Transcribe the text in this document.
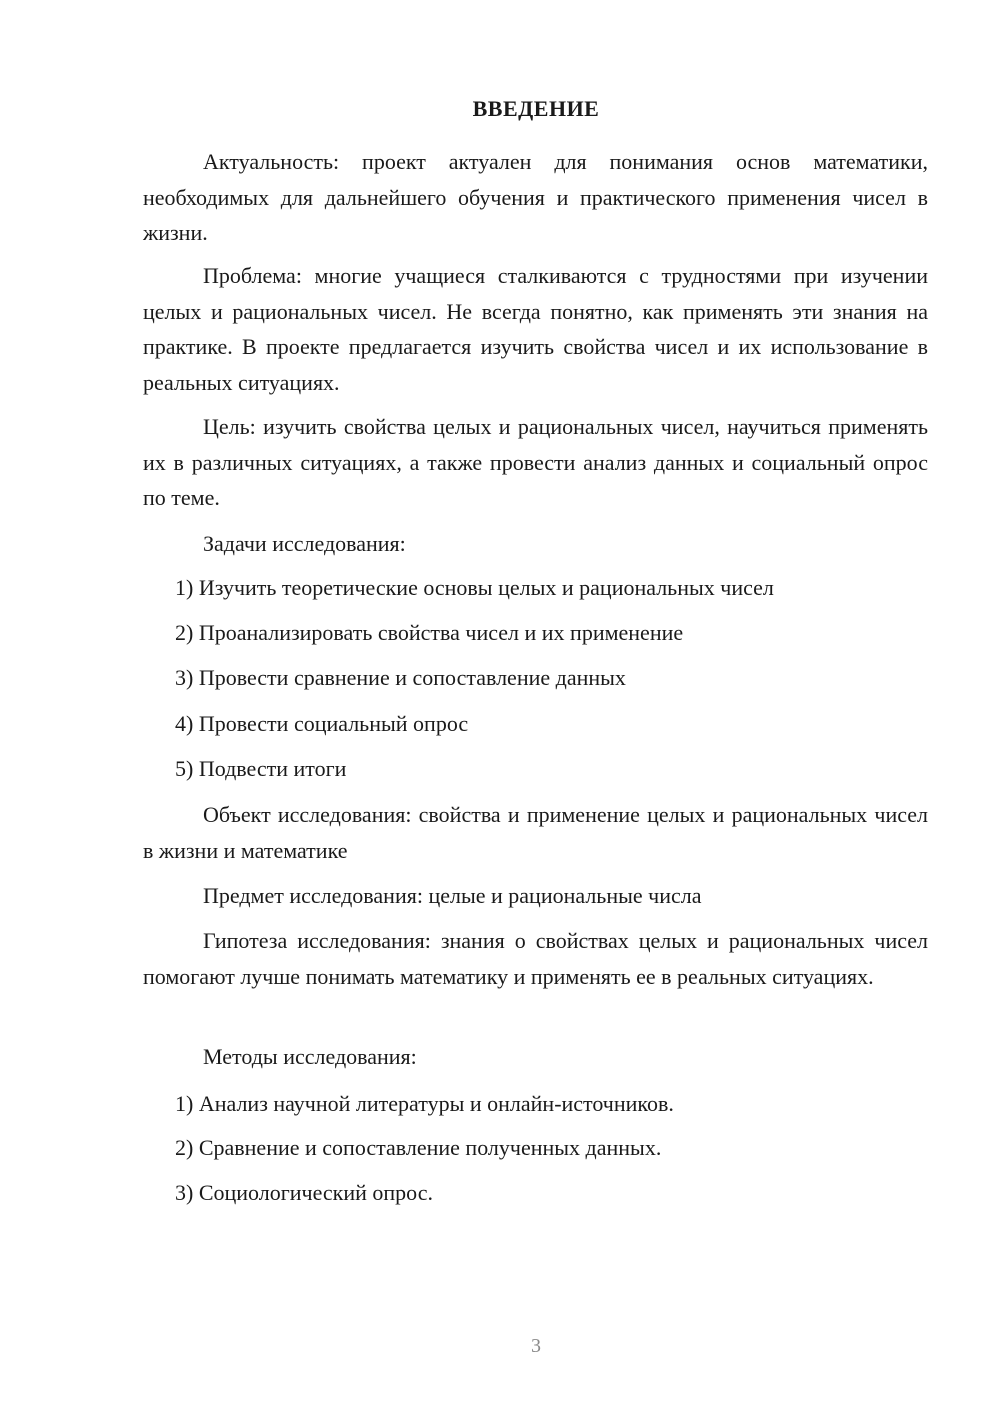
ВВЕДЕНИЕ

Актуальность: проект актуален для понимания основ математики, необходимых для дальнейшего обучения и практического применения чисел в жизни.

Проблема: многие учащиеся сталкиваются с трудностями при изучении целых и рациональных чисел. Не всегда понятно, как применять эти знания на практике. В проекте предлагается изучить свойства чисел и их использование в реальных ситуациях.

Цель: изучить свойства целых и рациональных чисел, научиться применять их в различных ситуациях, а также провести анализ данных и социальный опрос по теме.

Задачи исследования:
1) Изучить теоретические основы целых и рациональных чисел
2) Проанализировать свойства чисел и их применение
3) Провести сравнение и сопоставление данных
4) Провести социальный опрос
5) Подвести итоги

Объект исследования: свойства и применение целых и рациональных чисел в жизни и математике

Предмет исследования: целые и рациональные числа

Гипотеза исследования: знания о свойствах целых и рациональных чисел помогают лучше понимать математику и применять ее в реальных ситуациях.

Методы исследования:
1) Анализ научной литературы и онлайн-источников.
2) Сравнение и сопоставление полученных данных.
3) Социологический опрос.
3
